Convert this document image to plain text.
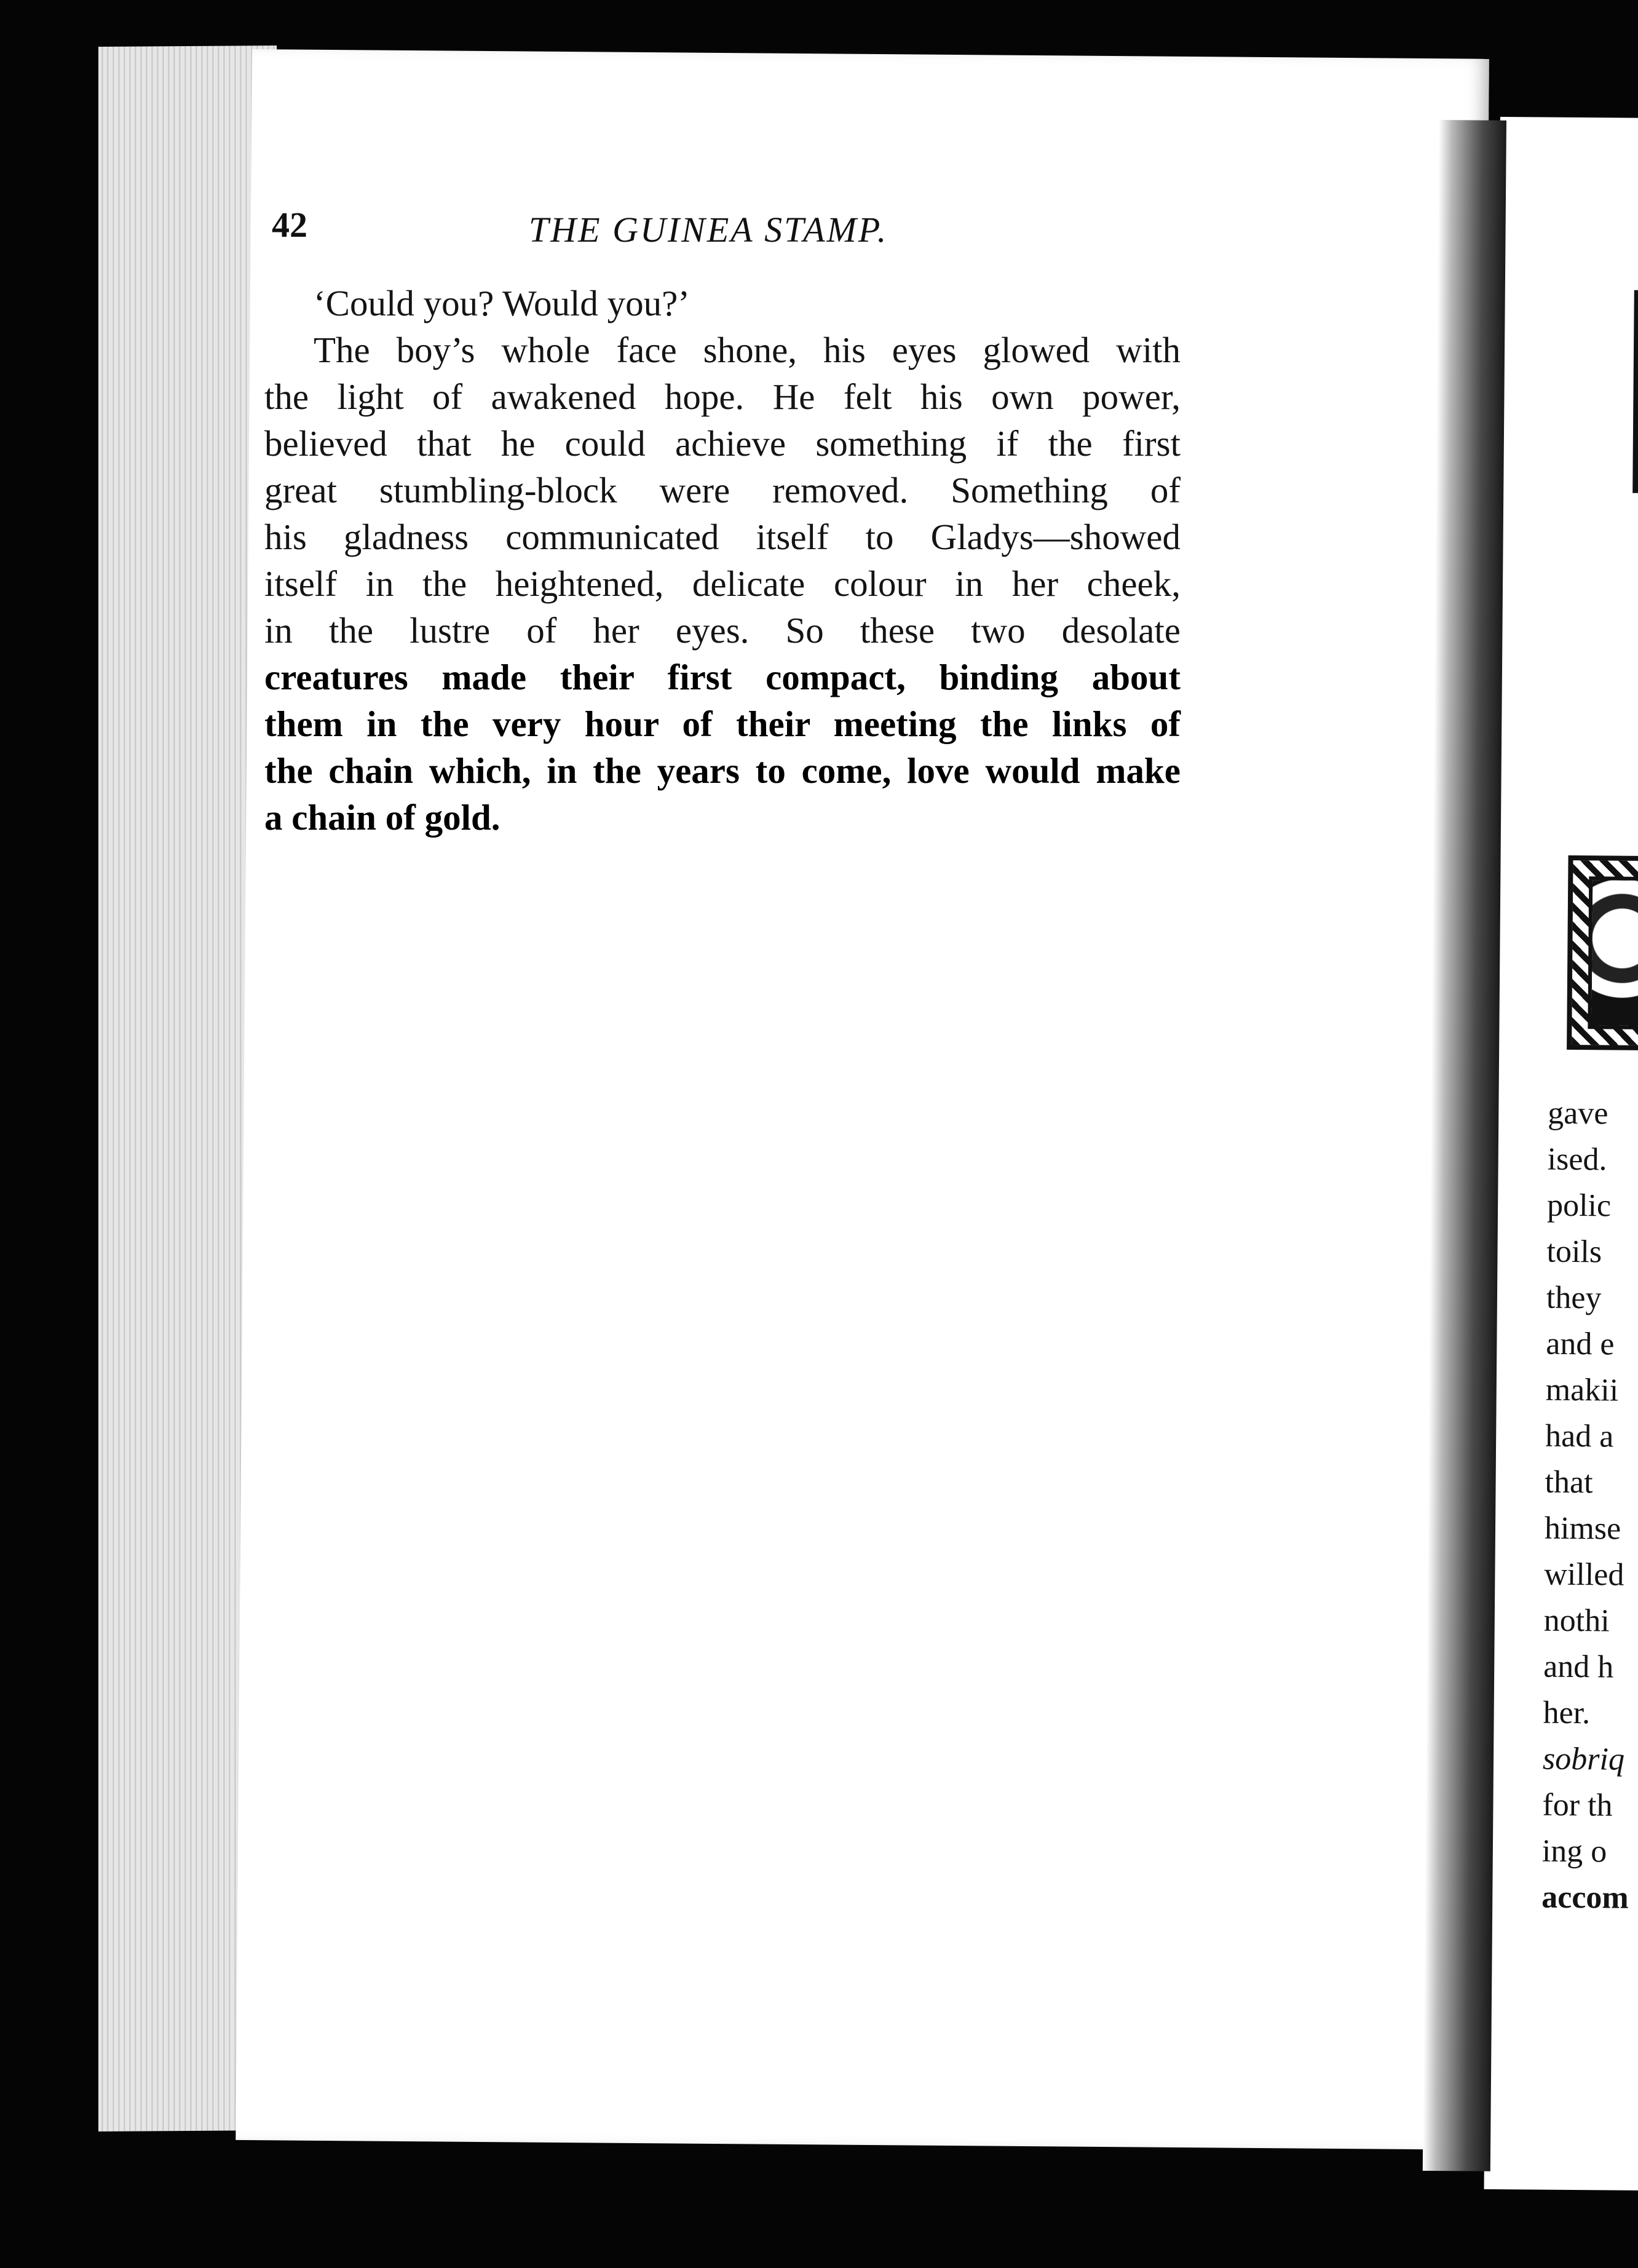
gave
ised.
polic
toils
they
and e
makii
had a
that
himse
willed
nothi
and h
her.
sobriq
for th
ing o
accom
42	THE GUINEA STAMP.
‘Could you? Would you?’
The boy’s whole face shone, his eyes glowed with
the light of awakened hope. He felt his own power,
believed that he could achieve something if the first
great stumbling-block were removed. Something of
his gladness communicated itself to Gladys—showed
itself in the heightened, delicate colour in her cheek,
in the lustre of her eyes. So these two desolate
creatures made their first compact, binding about
them in the very hour of their meeting the links of
the chain which, in the years to come, love would make
a chain of gold.
